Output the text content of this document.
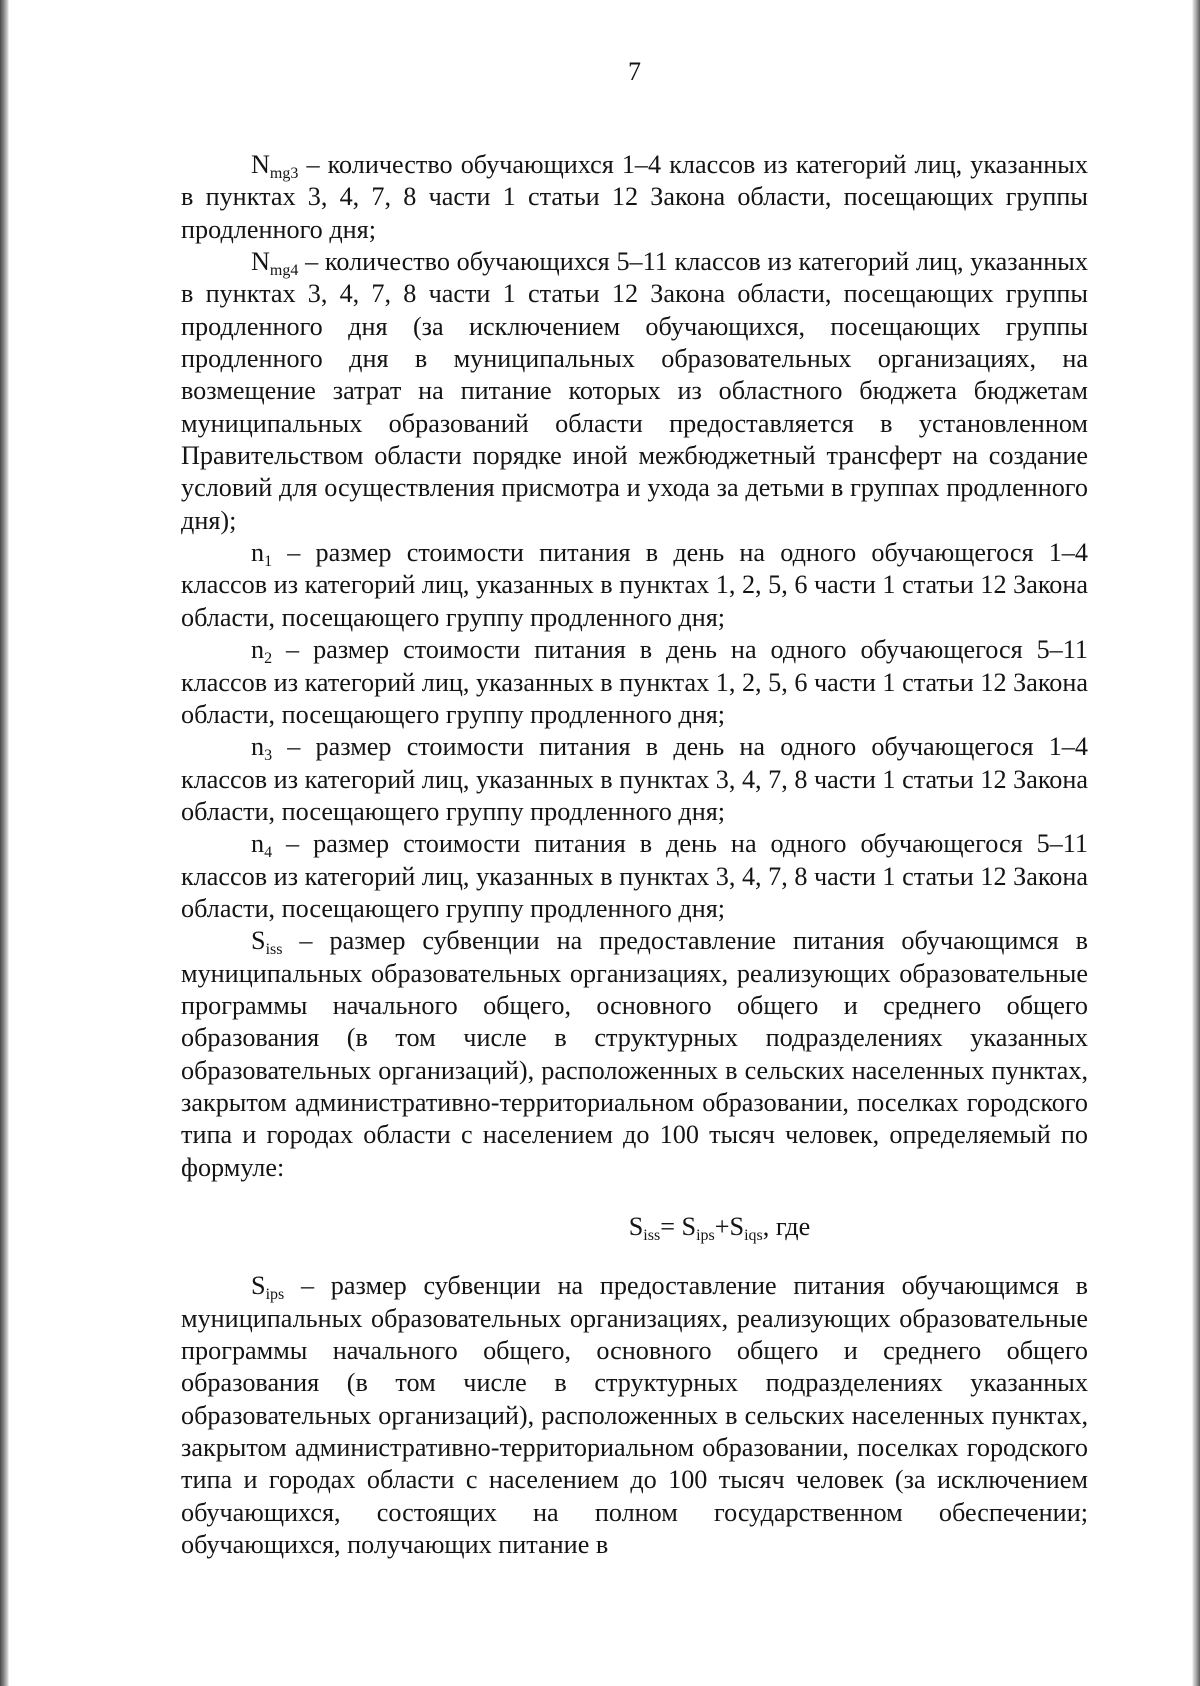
7

$N_{mg3}$ – количество обучающихся 1–4 классов из категорий лиц, указанных в пунктах 3, 4, 7, 8 части 1 статьи 12 Закона области, посещающих группы продленного дня;

$N_{mg4}$ – количество обучающихся 5–11 классов из категорий лиц, указанных в пунктах 3, 4, 7, 8 части 1 статьи 12 Закона области, посещающих группы продленного дня (за исключением обучающихся, посещающих группы продленного дня в муниципальных образовательных организациях, на возмещение затрат на питание которых из областного бюджета бюджетам муниципальных образований области предоставляется в установленном Правительством области порядке иной межбюджетный трансферт на создание условий для осуществления присмотра и ухода за детьми в группах продленного дня);

$n_1$ – размер стоимости питания в день на одного обучающегося 1–4 классов из категорий лиц, указанных в пунктах 1, 2, 5, 6 части 1 статьи 12 Закона области, посещающего группу продленного дня;

$n_2$ – размер стоимости питания в день на одного обучающегося 5–11 классов из категорий лиц, указанных в пунктах 1, 2, 5, 6 части 1 статьи 12 Закона области, посещающего группу продленного дня;

$n_3$ – размер стоимости питания в день на одного обучающегося 1–4 классов из категорий лиц, указанных в пунктах 3, 4, 7, 8 части 1 статьи 12 Закона области, посещающего группу продленного дня;

$n_4$ – размер стоимости питания в день на одного обучающегося 5–11 классов из категорий лиц, указанных в пунктах 3, 4, 7, 8 части 1 статьи 12 Закона области, посещающего группу продленного дня;

$S_{iss}$ – размер субвенции на предоставление питания обучающимся в муниципальных образовательных организациях, реализующих образовательные программы начального общего, основного общего и среднего общего образования (в том числе в структурных подразделениях указанных образовательных организаций), расположенных в сельских населенных пунктах, закрытом административно-территориальном образовании, поселках городского типа и городах области с населением до 100 тысяч человек, определяемый по формуле:

$S_{iss}= S_{ips}+S_{iqs}$, где

$S_{ips}$ – размер субвенции на предоставление питания обучающимся в муниципальных образовательных организациях, реализующих образовательные программы начального общего, основного общего и среднего общего образования (в том числе в структурных подразделениях указанных образовательных организаций), расположенных в сельских населенных пунктах, закрытом административно-территориальном образовании, поселках городского типа и городах области с населением до 100 тысяч человек (за исключением обучающихся, состоящих на полном государственном обеспечении; обучающихся, получающих питание в
